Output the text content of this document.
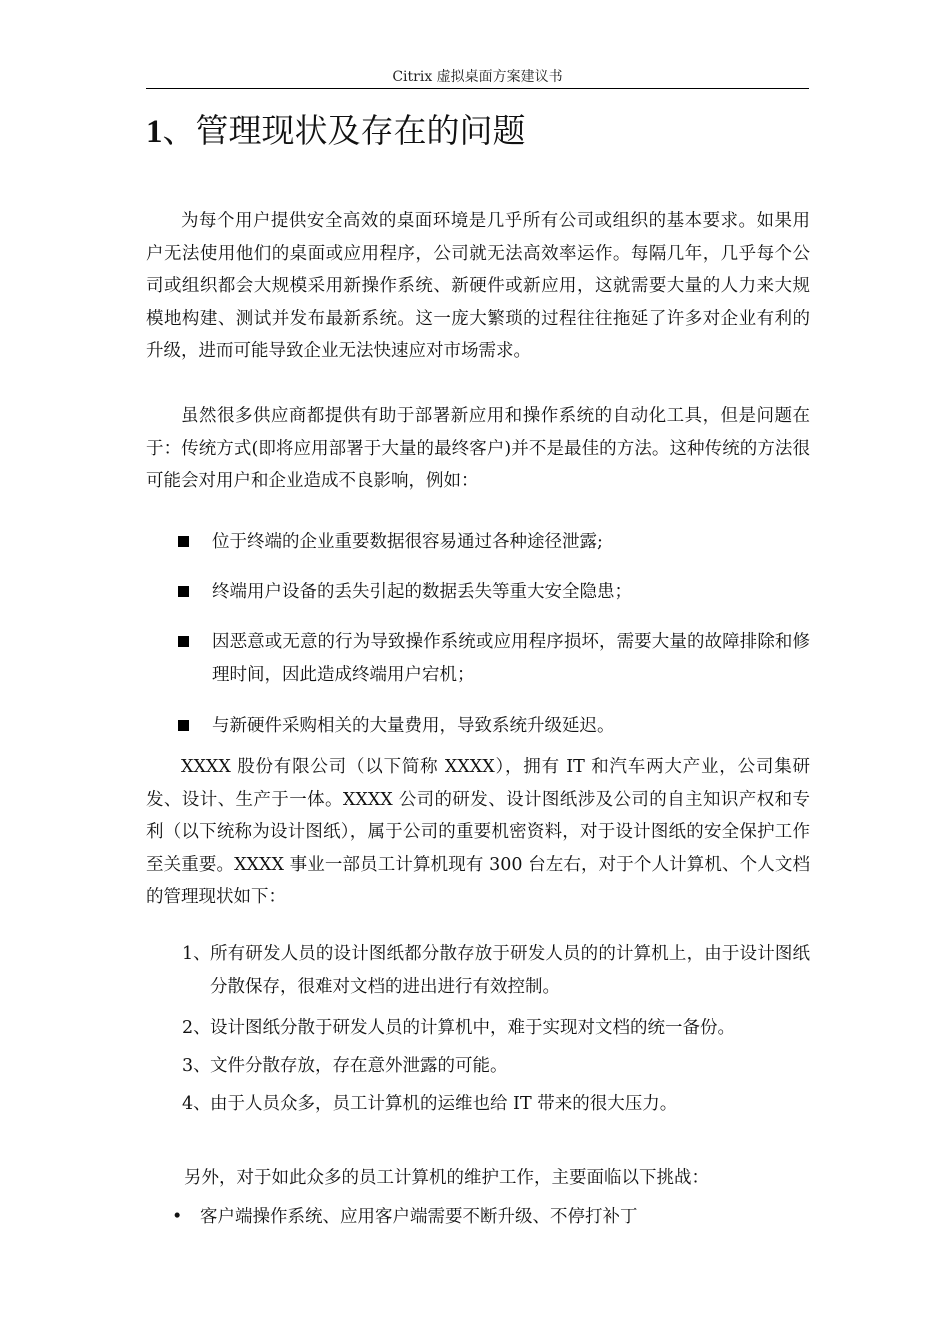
Citrix 虚拟桌面方案建议书
1、管理现状及存在的问题

为每个用户提供安全高效的桌面环境是几乎所有公司或组织的基本要求。如果用户无法使用他们的桌面或应用程序，公司就无法高效率运作。每隔几年，几乎每个公司或组织都会大规模采用新操作系统、新硬件或新应用，这就需要大量的人力来大规模地构建、测试并发布最新系统。这一庞大繁琐的过程往往拖延了许多对企业有利的升级，进而可能导致企业无法快速应对市场需求。

虽然很多供应商都提供有助于部署新应用和操作系统的自动化工具，但是问题在于：传统方式(即将应用部署于大量的最终客户)并不是最佳的方法。这种传统的方法很可能会对用户和企业造成不良影响，例如：

位于终端的企业重要数据很容易通过各种途径泄露;
终端用户设备的丢失引起的数据丢失等重大安全隐患；
因恶意或无意的行为导致操作系统或应用程序损坏，需要大量的故障排除和修理时间，因此造成终端用户宕机；
与新硬件采购相关的大量费用，导致系统升级延迟。

XXXX 股份有限公司（以下简称 XXXX），拥有 IT 和汽车两大产业，公司集研发、设计、生产于一体。XXXX 公司的研发、设计图纸涉及公司的自主知识产权和专利（以下统称为设计图纸），属于公司的重要机密资料，对于设计图纸的安全保护工作至关重要。XXXX 事业一部员工计算机现有 300 台左右，对于个人计算机、个人文档的管理现状如下：

1、 所有研发人员的设计图纸都分散存放于研发人员的的计算机上，由于设计图纸分散保存，很难对文档的进出进行有效控制。
2、 设计图纸分散于研发人员的计算机中，难于实现对文档的统一备份。
3、 文件分散存放，存在意外泄露的可能。
4、 由于人员众多，员工计算机的运维也给 IT 带来的很大压力。

另外，对于如此众多的员工计算机的维护工作，主要面临以下挑战：

• 客户端操作系统、应用客户端需要不断升级、不停打补丁
